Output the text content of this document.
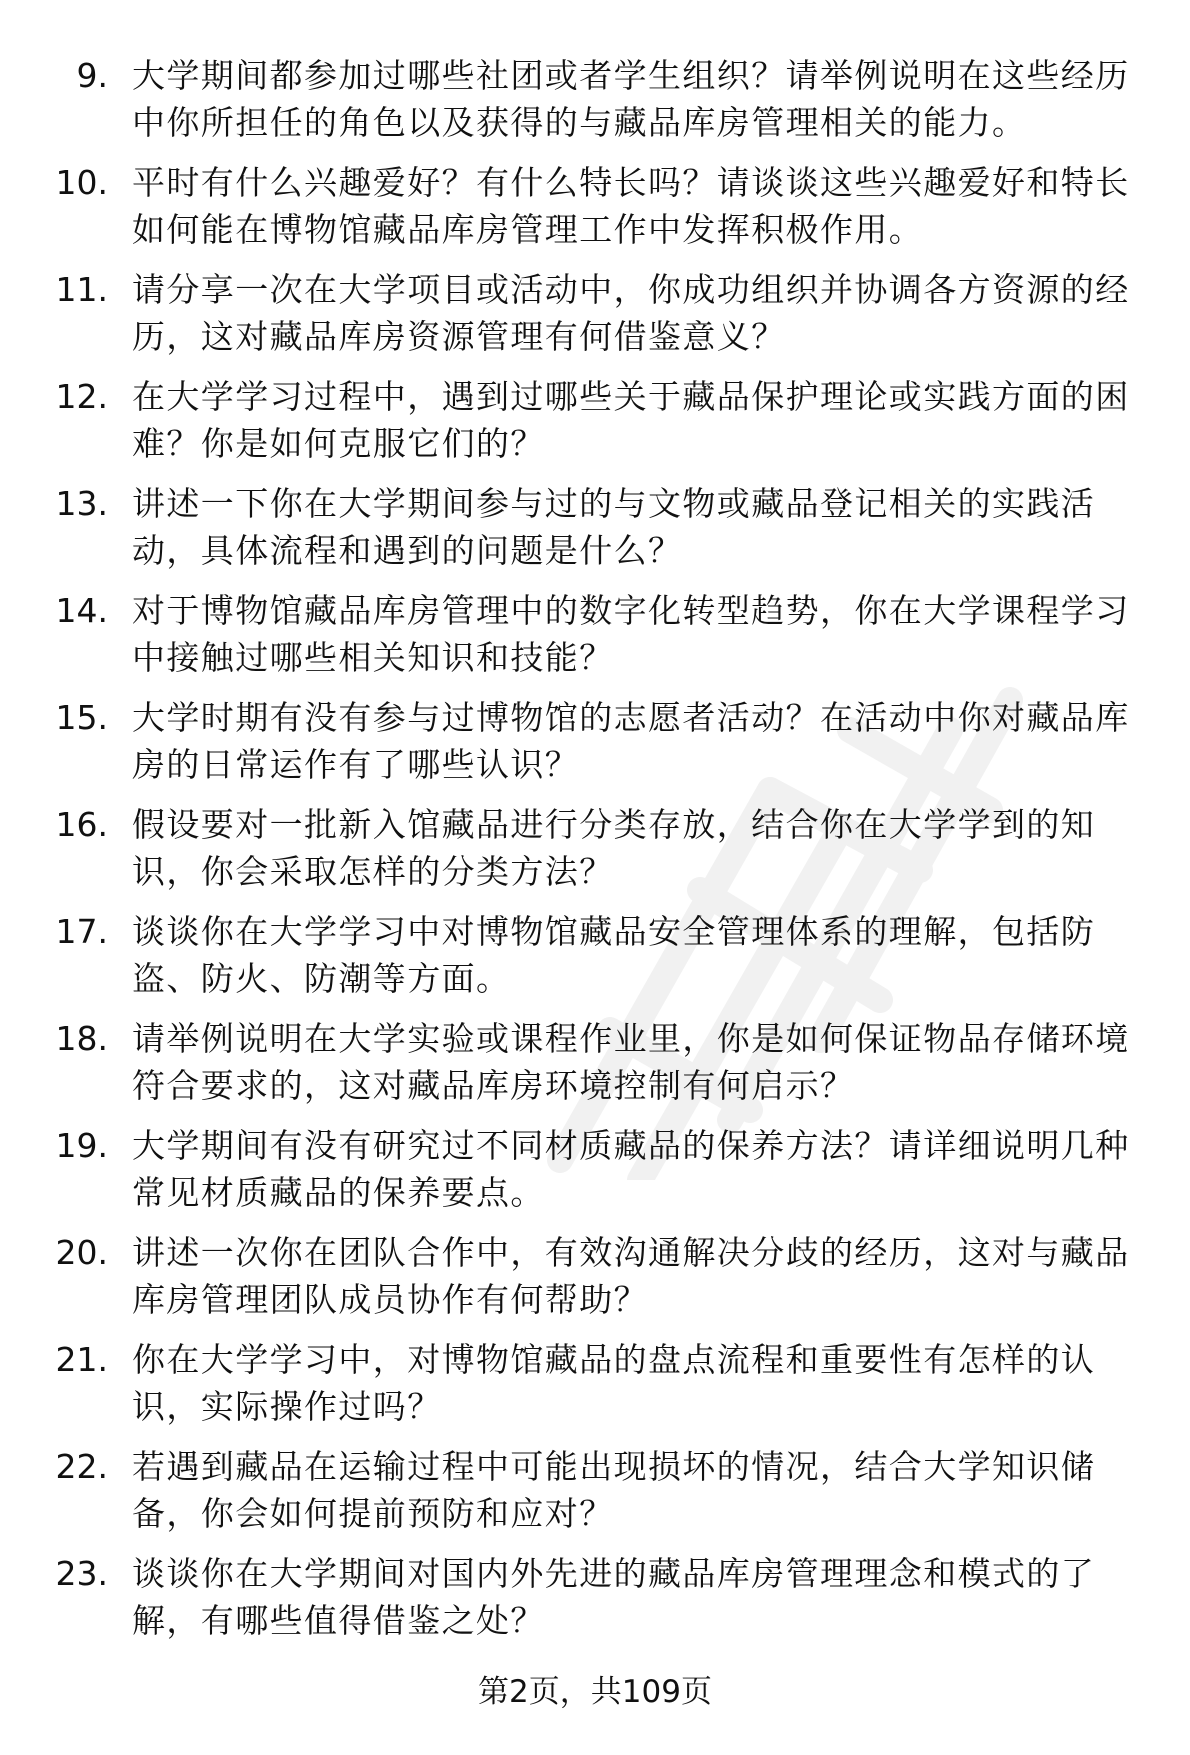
9. 大学期间都参加过哪些社团或者学生组织？请举例说明在这些经历中你所担任的角色以及获得的与藏品库房管理相关的能力。
10. 平时有什么兴趣爱好？有什么特长吗？请谈谈这些兴趣爱好和特长如何能在博物馆藏品库房管理工作中发挥积极作用。
11. 请分享一次在大学项目或活动中，你成功组织并协调各方资源的经历，这对藏品库房资源管理有何借鉴意义？
12. 在大学学习过程中，遇到过哪些关于藏品保护理论或实践方面的困难？你是如何克服它们的？
13. 讲述一下你在大学期间参与过的与文物或藏品登记相关的实践活动，具体流程和遇到的问题是什么？
14. 对于博物馆藏品库房管理中的数字化转型趋势，你在大学课程学习中接触过哪些相关知识和技能？
15. 大学时期有没有参与过博物馆的志愿者活动？在活动中你对藏品库房的日常运作有了哪些认识？
16. 假设要对一批新入馆藏品进行分类存放，结合你在大学学到的知识，你会采取怎样的分类方法？
17. 谈谈你在大学学习中对博物馆藏品安全管理体系的理解，包括防盗、防火、防潮等方面。
18. 请举例说明在大学实验或课程作业里，你是如何保证物品存储环境符合要求的，这对藏品库房环境控制有何启示？
19. 大学期间有没有研究过不同材质藏品的保养方法？请详细说明几种常见材质藏品的保养要点。
20. 讲述一次你在团队合作中，有效沟通解决分歧的经历，这对与藏品库房管理团队成员协作有何帮助？
21. 你在大学学习中，对博物馆藏品的盘点流程和重要性有怎样的认识，实际操作过吗？
22. 若遇到藏品在运输过程中可能出现损坏的情况，结合大学知识储备，你会如何提前预防和应对？
23. 谈谈你在大学期间对国内外先进的藏品库房管理理念和模式的了解，有哪些值得借鉴之处？
第2页，共109页
